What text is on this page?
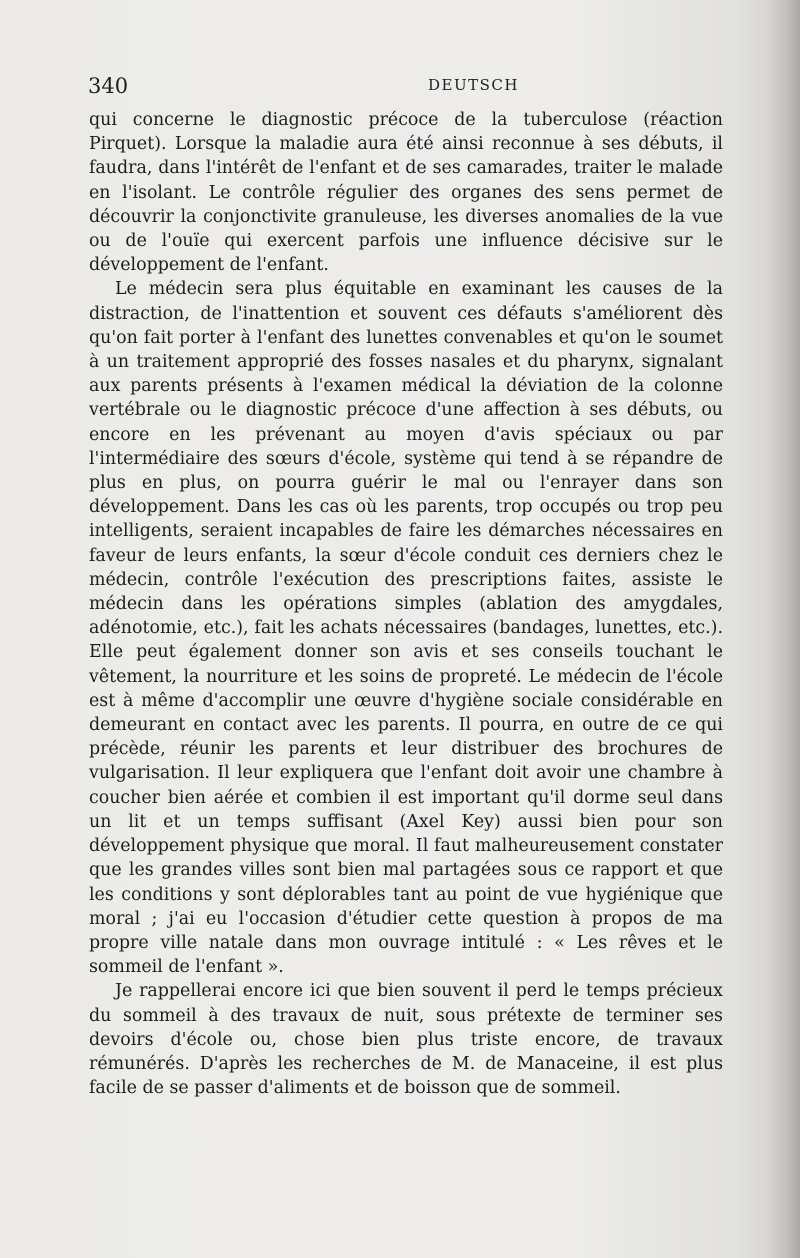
340	DEUTSCH

qui concerne le diagnostic précoce de la tuberculose (réaction Pirquet). Lorsque la maladie aura été ainsi reconnue à ses débuts, il faudra, dans l'intérêt de l'enfant et de ses camarades, traiter le malade en l'isolant. Le contrôle régulier des organes des sens permet de découvrir la conjonctivite granuleuse, les diverses anomalies de la vue ou de l'ouïe qui exercent parfois une influence décisive sur le développement de l'enfant.

Le médecin sera plus équitable en examinant les causes de la distraction, de l'inattention et souvent ces défauts s'améliorent dès qu'on fait porter à l'enfant des lunettes convenables et qu'on le soumet à un traitement approprié des fosses nasales et du pharynx, signalant aux parents présents à l'examen médical la déviation de la colonne vertébrale ou le diagnostic précoce d'une affection à ses débuts, ou encore en les prévenant au moyen d'avis spéciaux ou par l'intermédiaire des sœurs d'école, système qui tend à se répandre de plus en plus, on pourra guérir le mal ou l'enrayer dans son développement. Dans les cas où les parents, trop occupés ou trop peu intelligents, seraient incapables de faire les démarches nécessaires en faveur de leurs enfants, la sœur d'école conduit ces derniers chez le médecin, contrôle l'exécution des prescriptions faites, assiste le médecin dans les opérations simples (ablation des amygdales, adénotomie, etc.), fait les achats nécessaires (bandages, lunettes, etc.). Elle peut également donner son avis et ses conseils touchant le vêtement, la nourriture et les soins de propreté. Le médecin de l'école est à même d'accomplir une œuvre d'hygiène sociale considérable en demeurant en contact avec les parents. Il pourra, en outre de ce qui précède, réunir les parents et leur distribuer des brochures de vulgarisation. Il leur expliquera que l'enfant doit avoir une chambre à coucher bien aérée et combien il est important qu'il dorme seul dans un lit et un temps suffisant (Axel Key) aussi bien pour son développement physique que moral. Il faut malheureusement constater que les grandes villes sont bien mal partagées sous ce rapport et que les conditions y sont déplorables tant au point de vue hygiénique que moral ; j'ai eu l'occasion d'étudier cette question à propos de ma propre ville natale dans mon ouvrage intitulé : « Les rêves et le sommeil de l'enfant ».

Je rappellerai encore ici que bien souvent il perd le temps précieux du sommeil à des travaux de nuit, sous prétexte de terminer ses devoirs d'école ou, chose bien plus triste encore, de travaux rémunérés. D'après les recherches de M. de Manaceine, il est plus facile de se passer d'aliments et de boisson que de sommeil.
